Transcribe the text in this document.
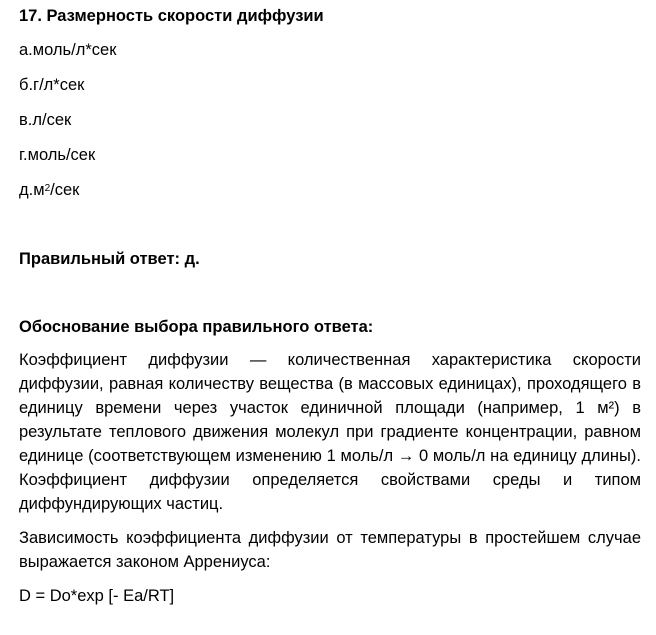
17. Размерность скорости диффузии

а. моль/л*сек
б. г/л*сек
в. л/сек
г. моль/сек
д. $м^2$ /сек

Правильный ответ: д.

Обоснование выбора правильного ответа:

Коэффициент диффузии — количественная характеристика скорости диффузии, равная количеству вещества (в массовых единицах), проходящего в единицу времени через участок единичной площади (например, 1 м²) в результате теплового движения молекул при градиенте концентрации, равном единице (соответствующем изменению 1 моль/л → 0 моль/л на единицу длины). Коэффициент диффузии определяется свойствами среды и типом диффундирующих частиц.

Зависимость коэффициента диффузии от температуры в простейшем случае выражается законом Аррениуса:

D = Do*exp [- Ea/RT]
